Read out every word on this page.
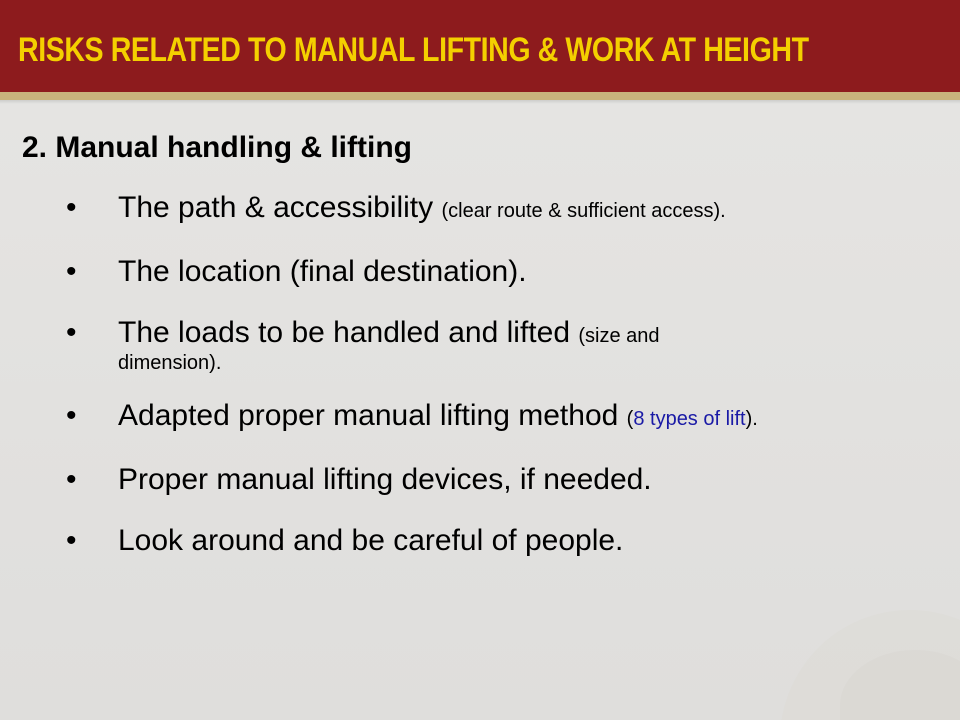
RISKS RELATED TO MANUAL LIFTING & WORK AT HEIGHT
2. Manual handling & lifting
•	The path & accessibility (clear route & sufficient access).
•	The location (final destination).
•	The loads to be handled and lifted (size and
dimension).
•	Adapted proper manual lifting method (8 types of lift).
•	Proper manual lifting devices, if needed.
•	Look around and be careful of people.
